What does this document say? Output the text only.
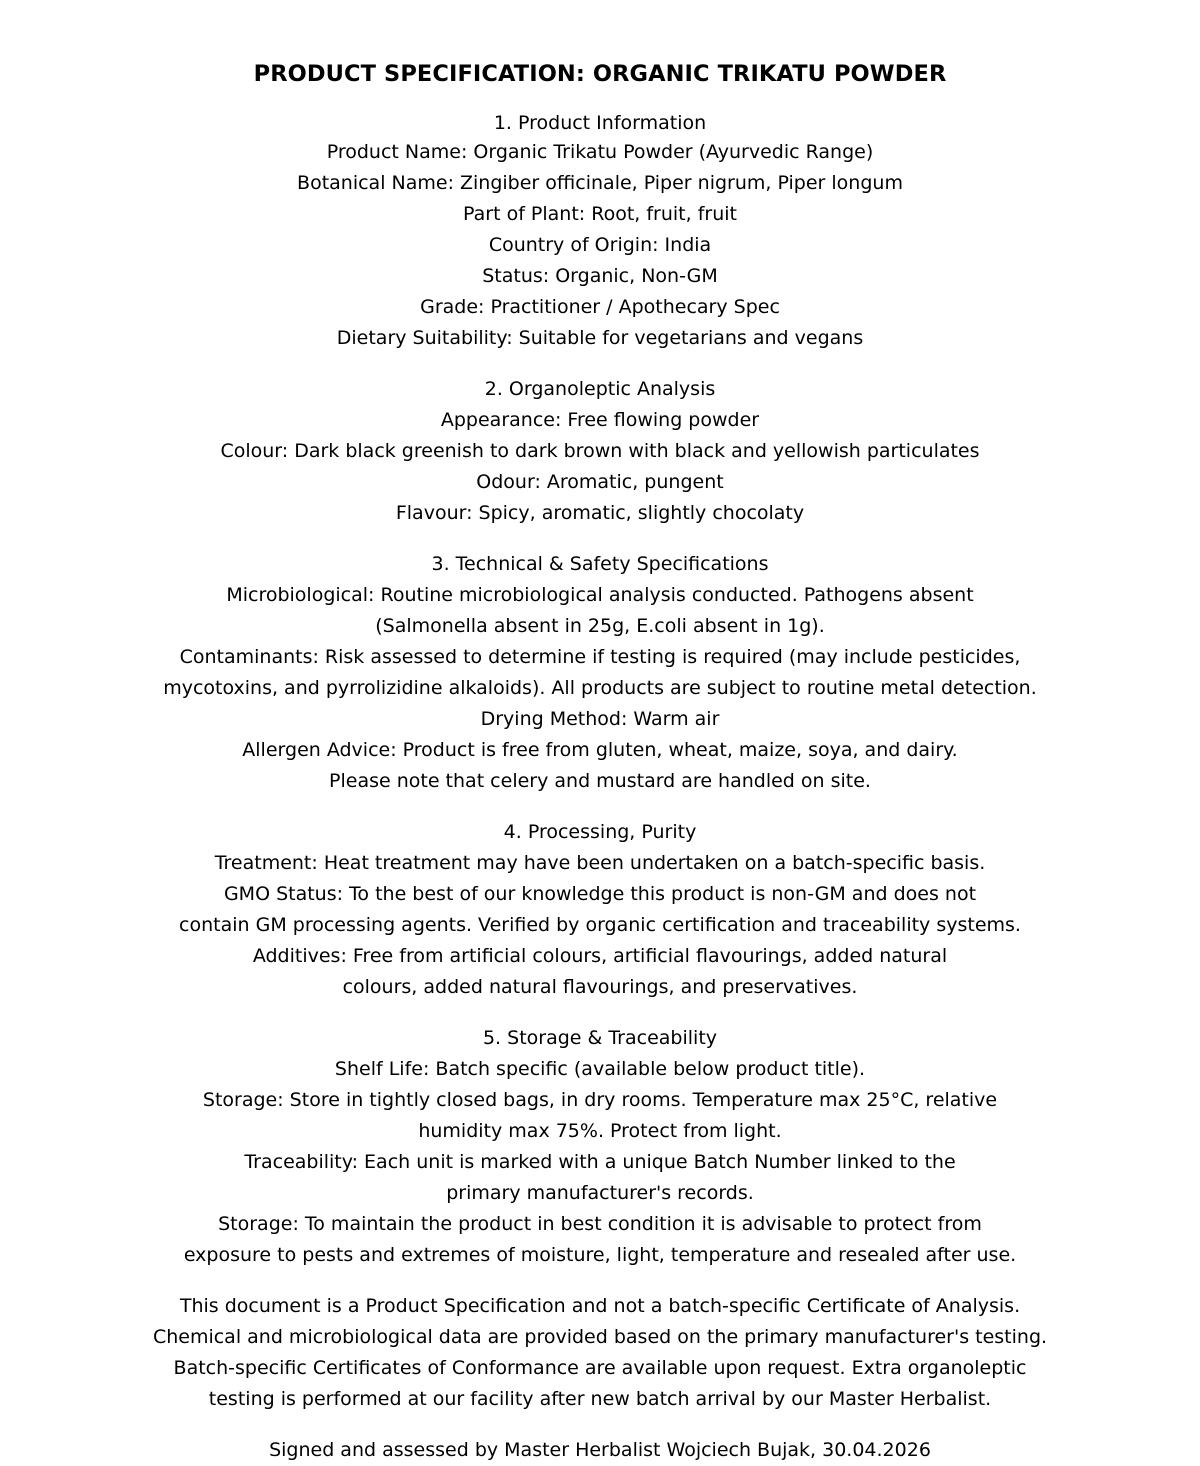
PRODUCT SPECIFICATION: ORGANIC TRIKATU POWDER
1. Product Information
Product Name: Organic Trikatu Powder (Ayurvedic Range)
Botanical Name: Zingiber officinale, Piper nigrum, Piper longum
Part of Plant: Root, fruit, fruit
Country of Origin: India
Status: Organic, Non-GM
Grade: Practitioner / Apothecary Spec
Dietary Suitability: Suitable for vegetarians and vegans
2. Organoleptic Analysis
Appearance: Free flowing powder
Colour: Dark black greenish to dark brown with black and yellowish particulates
Odour: Aromatic, pungent
Flavour: Spicy, aromatic, slightly chocolaty
3. Technical & Safety Specifications
Microbiological: Routine microbiological analysis conducted. Pathogens absent
(Salmonella absent in 25g, E.coli absent in 1g).
Contaminants: Risk assessed to determine if testing is required (may include pesticides,
mycotoxins, and pyrrolizidine alkaloids). All products are subject to routine metal detection.
Drying Method: Warm air
Allergen Advice: Product is free from gluten, wheat, maize, soya, and dairy.
Please note that celery and mustard are handled on site.
4. Processing, Purity
Treatment: Heat treatment may have been undertaken on a batch-specific basis.
GMO Status: To the best of our knowledge this product is non-GM and does not
contain GM processing agents. Verified by organic certification and traceability systems.
Additives: Free from artificial colours, artificial flavourings, added natural
colours, added natural flavourings, and preservatives.
5. Storage & Traceability
Shelf Life: Batch specific (available below product title).
Storage: Store in tightly closed bags, in dry rooms. Temperature max 25°C, relative
humidity max 75%. Protect from light.
Traceability: Each unit is marked with a unique Batch Number linked to the
primary manufacturer's records.
Storage: To maintain the product in best condition it is advisable to protect from
exposure to pests and extremes of moisture, light, temperature and resealed after use.
This document is a Product Specification and not a batch-specific Certificate of Analysis.
Chemical and microbiological data are provided based on the primary manufacturer's testing.
Batch-specific Certificates of Conformance are available upon request. Extra organoleptic
testing is performed at our facility after new batch arrival by our Master Herbalist.
Signed and assessed by Master Herbalist Wojciech Bujak, 30.04.2026
